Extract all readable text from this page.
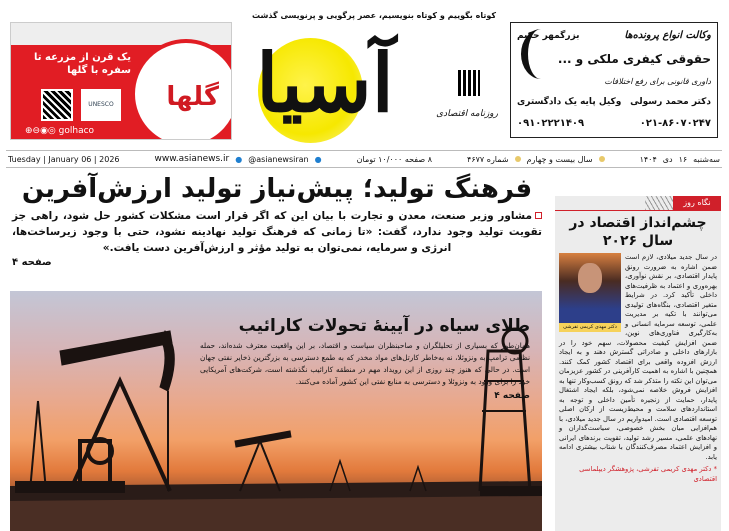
یک قرن از مزرعه تا سفره با گلها
گلها
UNESCO
⊕⊖◉◎ golhaco
آسیا
کوتاه بگوییم و کوتاه بنویسیم، عصر پرگویی و پرنویسی گذشت
روزنامه اقتصادی
وکالت انواع پرونده‌ها
بزرگمهر حکیم
حقوقی کیفری ملکی و ...
داوری قانونی برای رفع اختلافات
دکتر محمد رسولی
وکیل پایه یک دادگستری
۰۲۱-۸۶۰۷۰۲۴۷
۰۹۱۰۲۲۲۱۴۰۹
Tuesday | January 06 | 2026	www.asianews.ir ● @asianewsiran ●	۸ صفحه ۱۰/۰۰۰ تومان	شماره ۴۶۷۷ سال بیست و چهارم	۱۴۰۴ دی ۱۶ سه‌شنبه
فرهنگ تولید؛ پیش‌نیاز تولید ارزش‌آفرین
مشاور وزیر صنعت، معدن و تجارت با بیان این که اگر قرار است مشکلات کشور حل شود، راهی جز تقویت تولید وجود ندارد، گفت: «تا زمانی که فرهنگ تولید نهادینه نشود، حتی با وجود زیرساخت‌ها، انرژی و سرمایه، نمی‌توان به تولید مؤثر و ارزش‌آفرین دست یافت.»
صفحه ۴
طلای سیاه در آیینهٔ تحولات کارائیب
همان‌طور که بسیاری از تحلیلگران و صاحبنظران سیاست و اقتصاد، بر این واقعیت معترف شده‌اند، حمله نظامی ترامپ به ونزوئلا، نه به‌خاطر کارتل‌های مواد مخدر که به طمع دسترسی به بزرگترین ذخایر نفتی جهان است. در حالی که هنوز چند روزی از این رویداد مهم در منطقه کارائیب نگذشته است، شرکت‌های آمریکایی خود را برای ورود به ونزوئلا و دسترسی به منابع نفتی این کشور آماده می‌کنند.
صفحه ۴
نگاه روز
چشم‌انداز اقتصاد در سال ۲۰۲۶
دکتر مهدی کریمی تفرشی
در سال جدید میلادی، لازم است ضمن اشاره به ضرورت رونق پایدار اقتصادی، بر نقش نوآوری، بهره‌وری و اعتماد به ظرفیت‌های داخلی تأکید کرد. در شرایط متغیر اقتصادی، بنگاه‌های تولیدی می‌توانند با تکیه بر مدیریت علمی، توسعه سرمایه انسانی و به‌کارگیری فناوری‌های نوین، ضمن افزایش کیفیت محصولات، سهم خود را در بازارهای داخلی و صادراتی گسترش دهند و به ایجاد ارزش افزوده واقعی برای اقتصاد کشور کمک کنند. همچنین با اشاره به اهمیت کارآفرینی در کشور عزیزمان می‌توان این نکته را متذکر شد که رونق کسب‌وکار تنها به افزایش فروش خلاصه نمی‌شود، بلکه ایجاد اشتغال پایدار، حمایت از زنجیره تأمین داخلی و توجه به استانداردهای سلامت و محیط‌زیست از ارکان اصلی توسعه اقتصادی است. امیدواریم در سال جدید میلادی، با هم‌افزایی میان بخش خصوصی، سیاست‌گذاران و نهادهای علمی، مسیر رشد تولید، تقویت برندهای ایرانی و افزایش اعتماد مصرف‌کنندگان با شتاب بیشتری ادامه یابد.
* دکتر مهدی کریمی تفرشی، پژوهشگر دیپلماسی اقتصادی
